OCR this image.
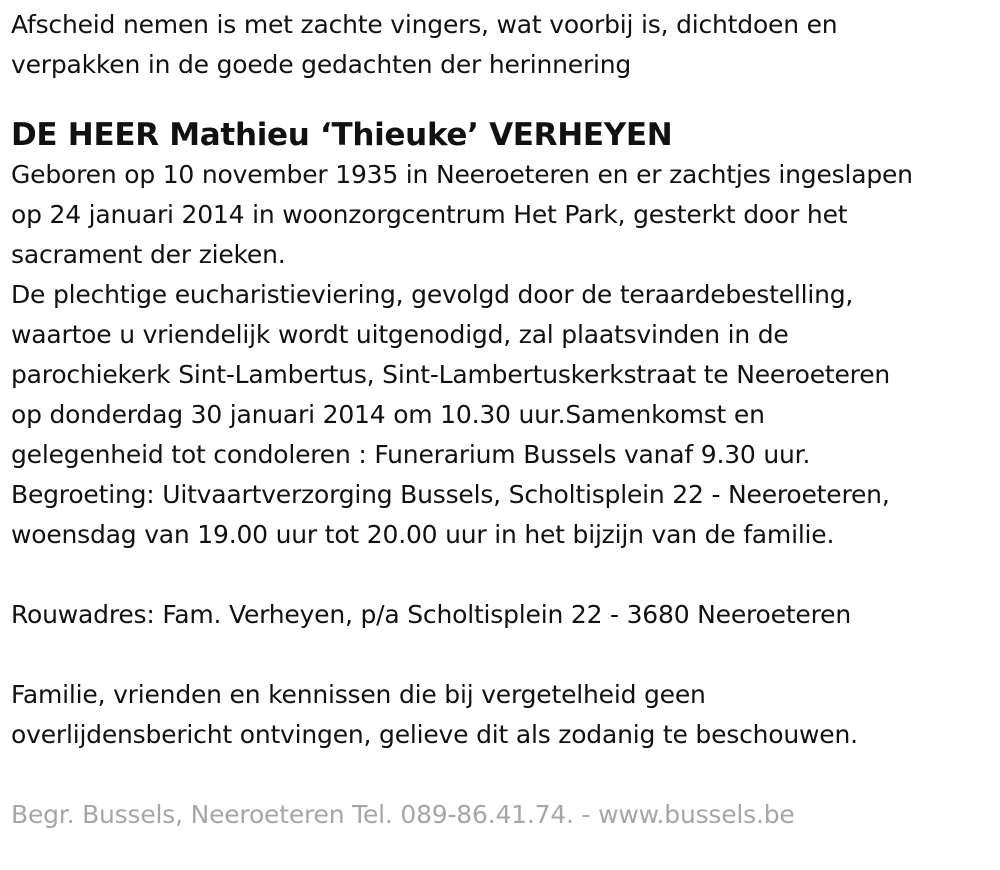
Afscheid nemen is met zachte vingers, wat voorbij is, dichtdoen en
verpakken in de goede gedachten der herinnering
DE HEER Mathieu ‘Thieuke’ VERHEYEN
Geboren op 10 november 1935 in Neeroeteren en er zachtjes ingeslapen
op 24 januari 2014 in woonzorgcentrum Het Park, gesterkt door het
sacrament der zieken.
De plechtige eucharistieviering, gevolgd door de teraardebestelling,
waartoe u vriendelijk wordt uitgenodigd, zal plaatsvinden in de
parochiekerk Sint-Lambertus, Sint-Lambertuskerkstraat te Neeroeteren
op donderdag 30 januari 2014 om 10.30 uur.Samenkomst en
gelegenheid tot condoleren : Funerarium Bussels vanaf 9.30 uur.
Begroeting: Uitvaartverzorging Bussels, Scholtisplein 22 - Neeroeteren,
woensdag van 19.00 uur tot 20.00 uur in het bijzijn van de familie.
Rouwadres: Fam. Verheyen, p/a Scholtisplein 22 - 3680 Neeroeteren
Familie, vrienden en kennissen die bij vergetelheid geen
overlijdensbericht ontvingen, gelieve dit als zodanig te beschouwen.
Begr. Bussels, Neeroeteren Tel. 089-86.41.74. - www.bussels.be
